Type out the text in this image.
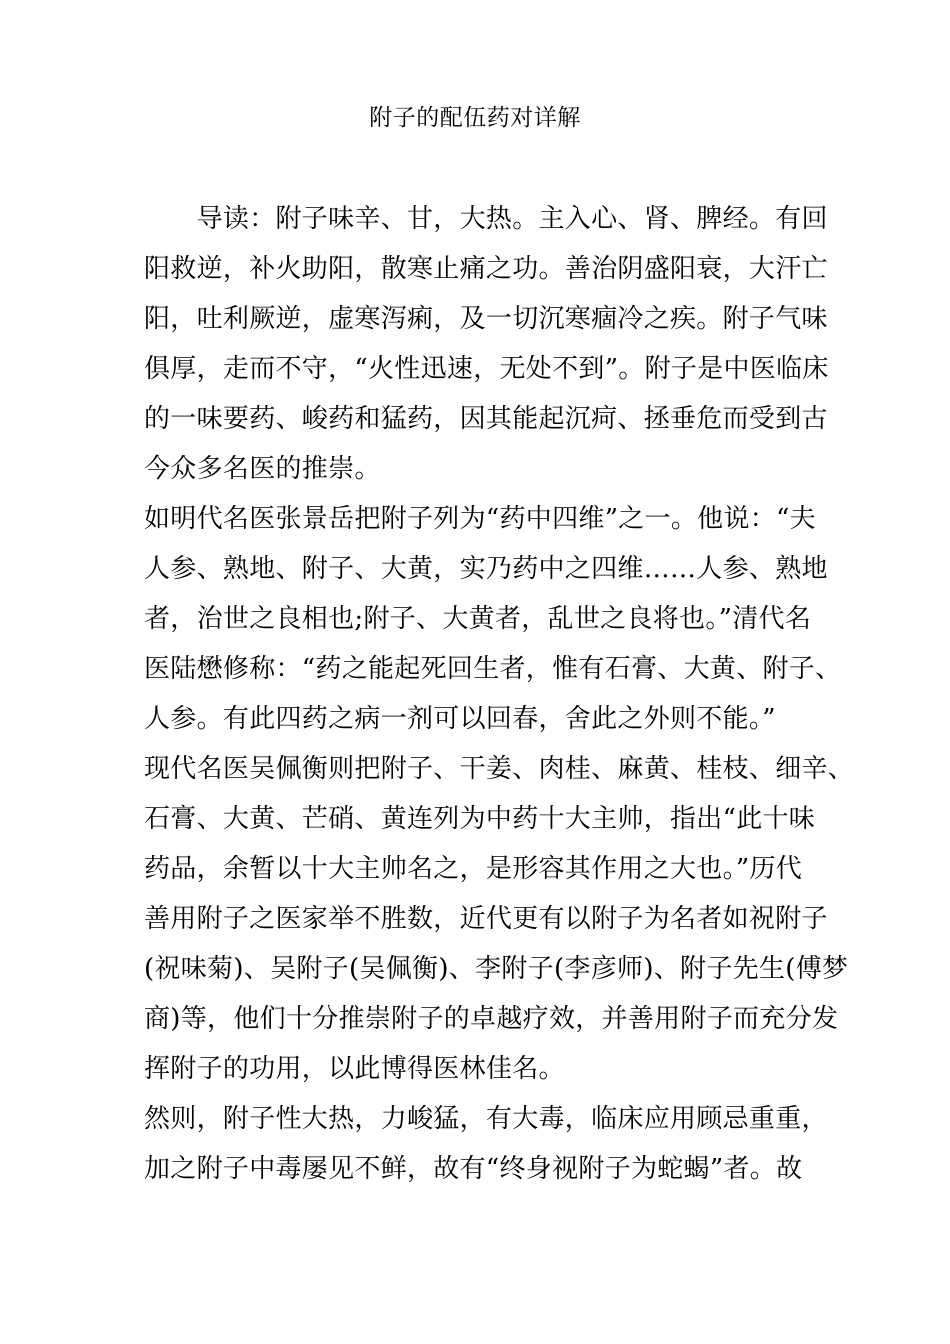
附子的配伍药对详解
　　导读：附子味辛、甘，大热。主入心、肾、脾经。有回
阳救逆，补火助阳，散寒止痛之功。善治阴盛阳衰，大汗亡
阳，吐利厥逆，虚寒泻痢，及一切沉寒痼冷之疾。附子气味
俱厚，走而不守，“火性迅速，无处不到”。附子是中医临床
的一味要药、峻药和猛药，因其能起沉疴、拯垂危而受到古
今众多名医的推崇。
如明代名医张景岳把附子列为“药中四维”之一。他说：“夫
人参、熟地、附子、大黄，实乃药中之四维……人参、熟地
者，治世之良相也;附子、大黄者，乱世之良将也。”清代名
医陆懋修称：“药之能起死回生者，惟有石膏、大黄、附子、
人参。有此四药之病一剂可以回春，舍此之外则不能。”
现代名医吴佩衡则把附子、干姜、肉桂、麻黄、桂枝、细辛、
石膏、大黄、芒硝、黄连列为中药十大主帅，指出“此十味
药品，余暂以十大主帅名之，是形容其作用之大也。”历代
善用附子之医家举不胜数，近代更有以附子为名者如祝附子
(祝味菊)、吴附子(吴佩衡)、李附子(李彦师)、附子先生(傅梦
商)等，他们十分推崇附子的卓越疗效，并善用附子而充分发
挥附子的功用，以此博得医林佳名。
然则，附子性大热，力峻猛，有大毒，临床应用顾忌重重，
加之附子中毒屡见不鲜，故有“终身视附子为蛇蝎”者。故
